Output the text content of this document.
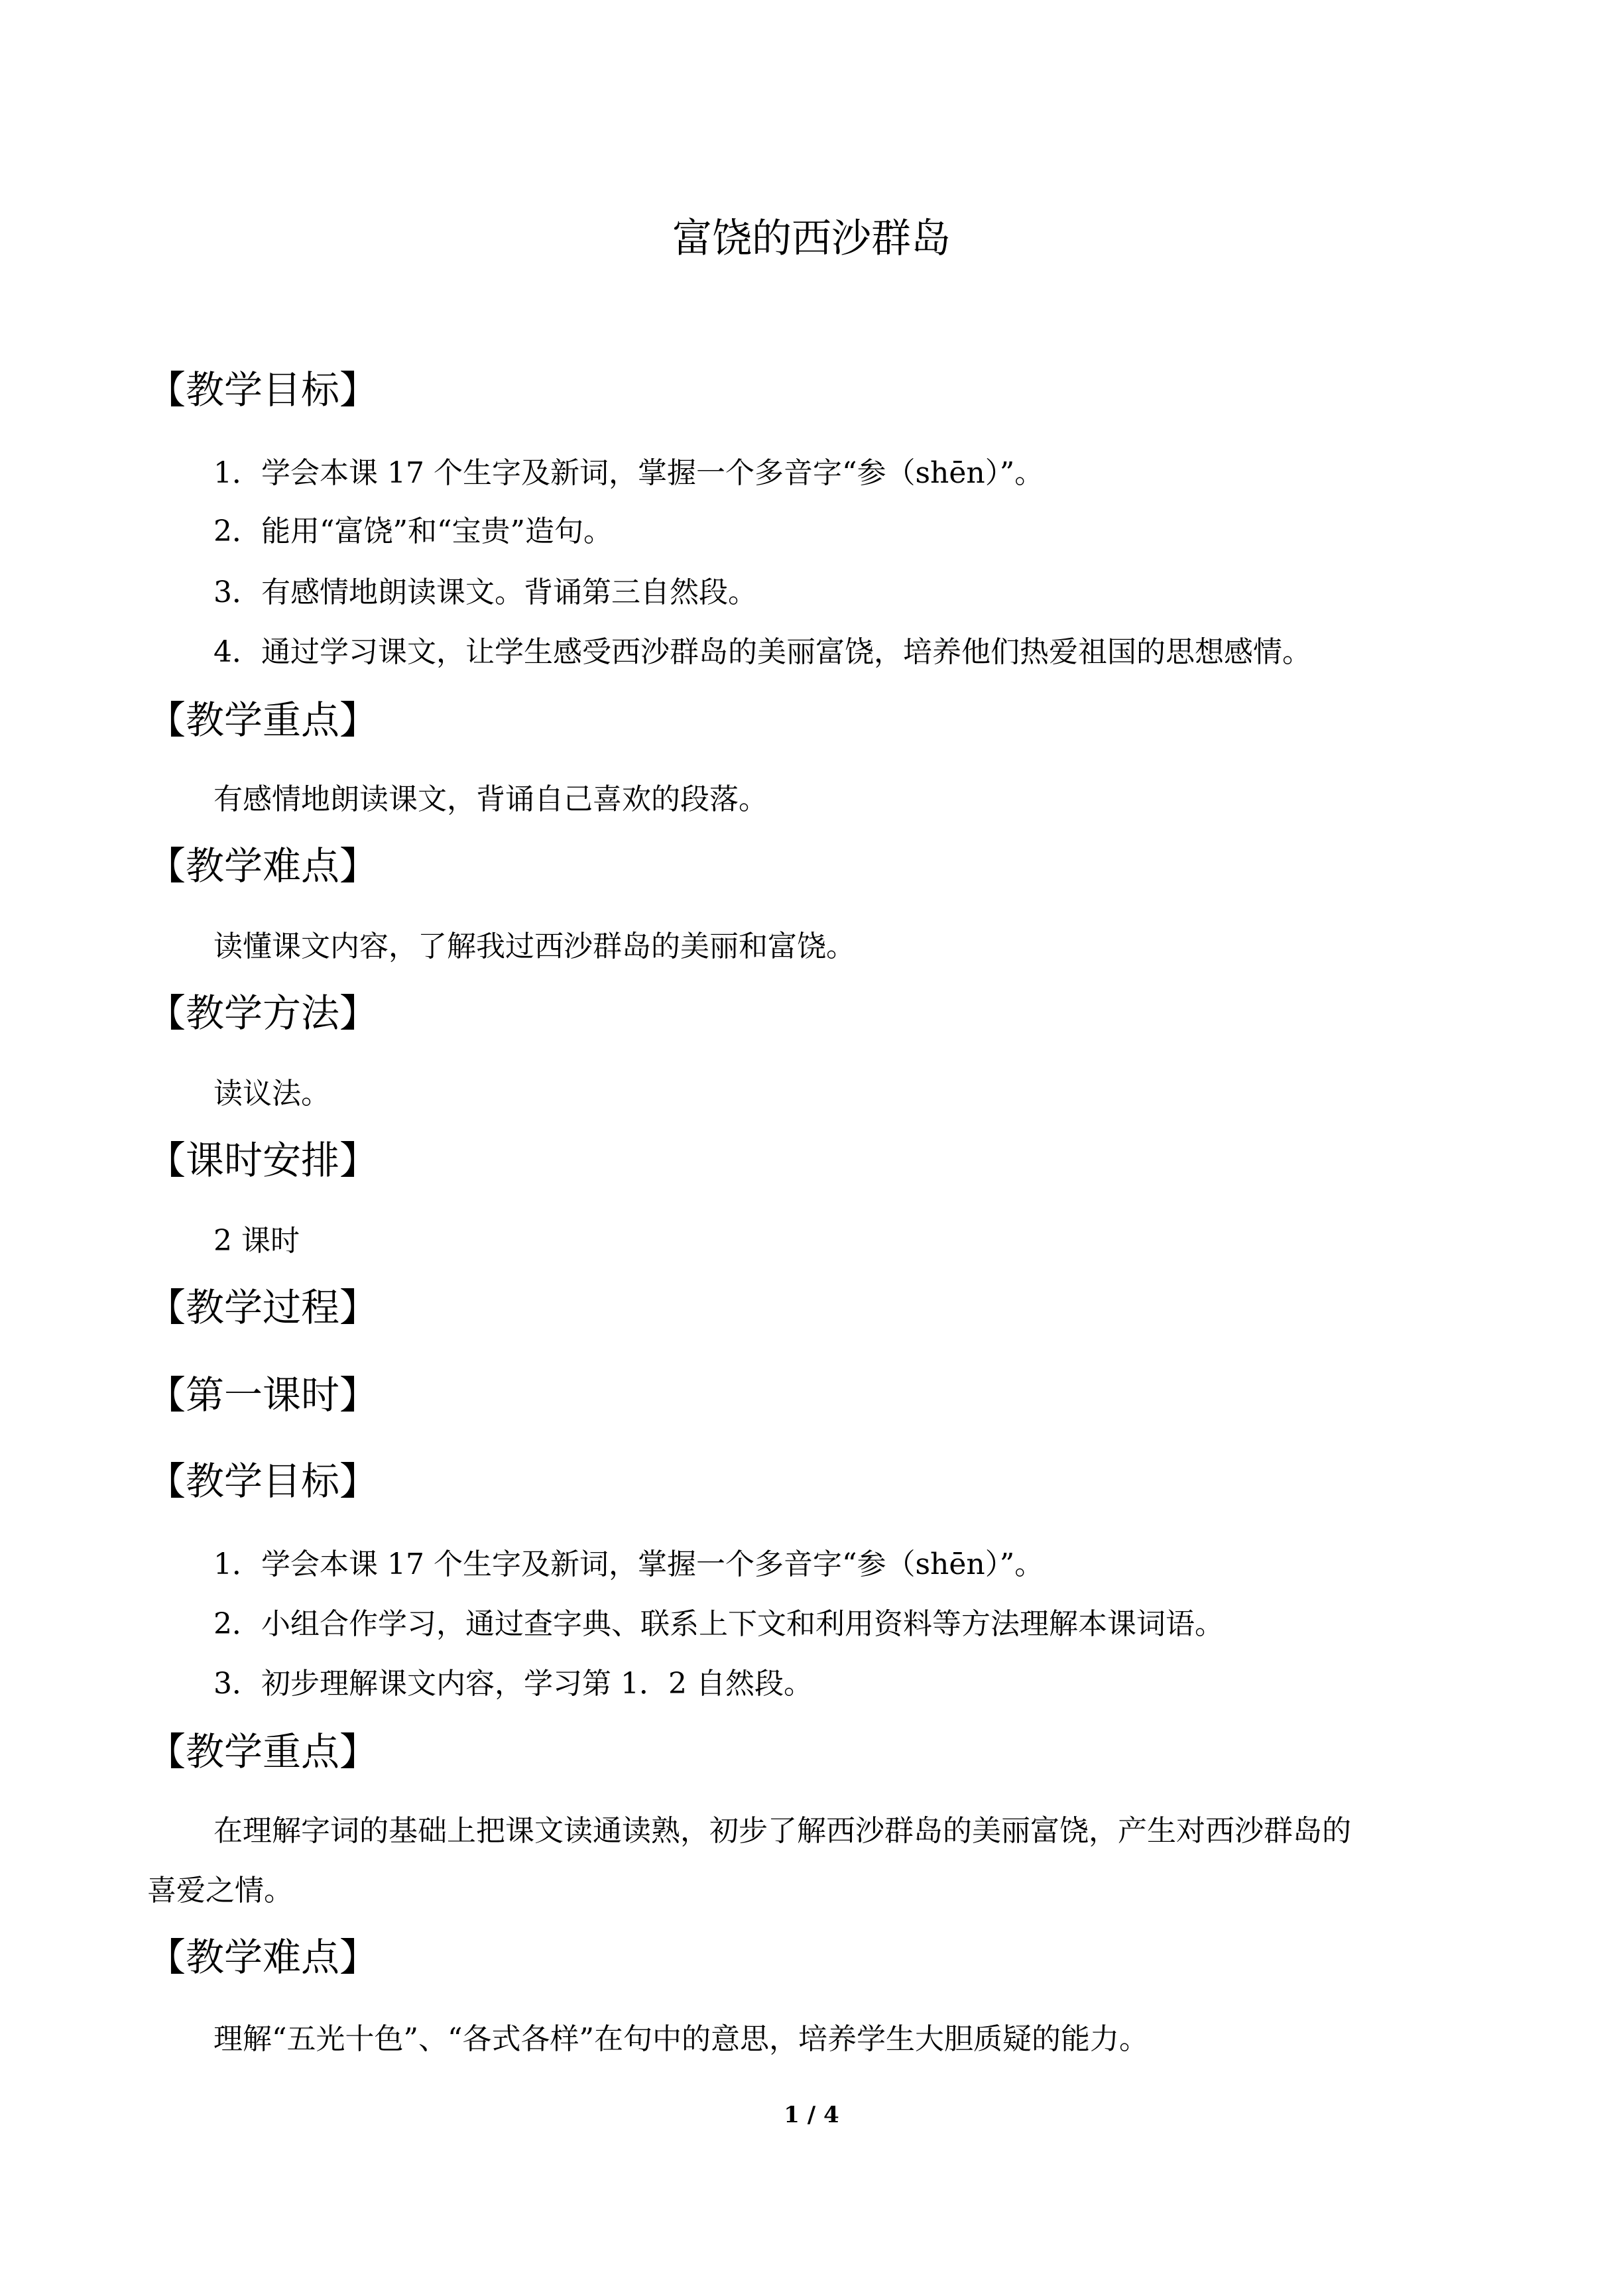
富饶的西沙群岛
【教学目标】
1．学会本课 17 个生字及新词，掌握一个多音字“参（shēn）”。
2．能用“富饶”和“宝贵”造句。
3．有感情地朗读课文。背诵第三自然段。
4．通过学习课文，让学生感受西沙群岛的美丽富饶，培养他们热爱祖国的思想感情。
【教学重点】
有感情地朗读课文，背诵自己喜欢的段落。
【教学难点】
读懂课文内容，了解我过西沙群岛的美丽和富饶。
【教学方法】
读议法。
【课时安排】
2 课时
【教学过程】
【第一课时】
【教学目标】
1．学会本课 17 个生字及新词，掌握一个多音字“参（shēn）”。
2．小组合作学习，通过查字典、联系上下文和利用资料等方法理解本课词语。
3．初步理解课文内容，学习第 1．2 自然段。
【教学重点】
在理解字词的基础上把课文读通读熟，初步了解西沙群岛的美丽富饶，产生对西沙群岛的
喜爱之情。
【教学难点】
理解“五光十色”、“各式各样”在句中的意思，培养学生大胆质疑的能力。
1 / 4
